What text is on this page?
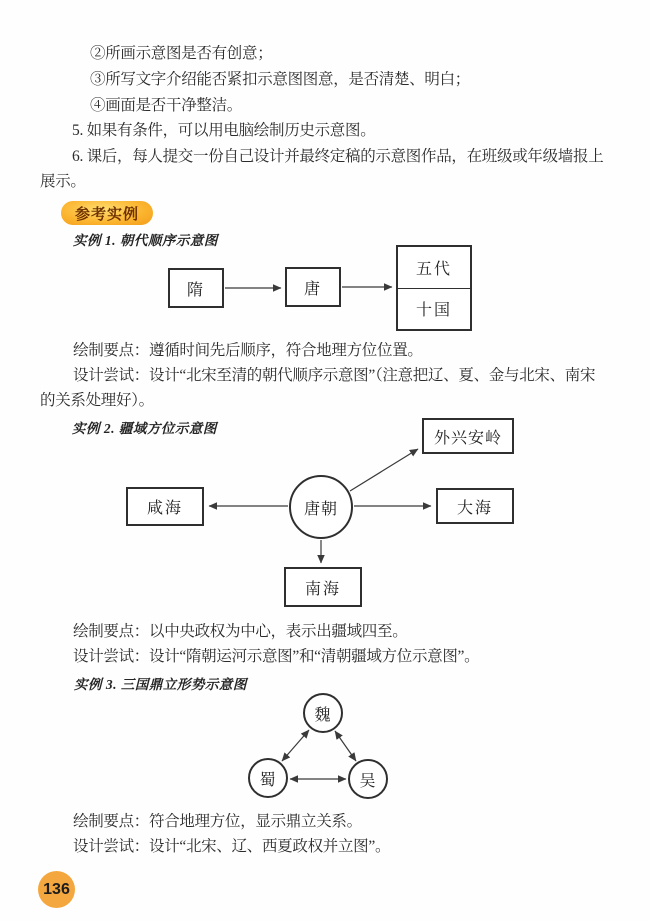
②所画示意图是否有创意；
③所写文字介绍能否紧扣示意图图意，是否清楚、明白；
④画面是否干净整洁。
5. 如果有条件，可以用电脑绘制历史示意图。
6. 课后，每人提交一份自己设计并最终定稿的示意图作品，在班级或年级墙报上
展示。
参考实例
实例 1. 朝代顺序示意图
隋	唐
五代
十国
绘制要点：遵循时间先后顺序，符合地理方位位置。
设计尝试：设计“北宋至清的朝代顺序示意图”（注意把辽、夏、金与北宋、南宋
的关系处理好）。
实例 2. 疆域方位示意图
外兴安岭
咸海	唐朝	大海
南海
绘制要点：以中央政权为中心，表示出疆域四至。
设计尝试：设计“隋朝运河示意图”和“清朝疆域方位示意图”。
实例 3. 三国鼎立形势示意图
魏
蜀	吴
绘制要点：符合地理方位，显示鼎立关系。
设计尝试：设计“北宋、辽、西夏政权并立图”。
136
